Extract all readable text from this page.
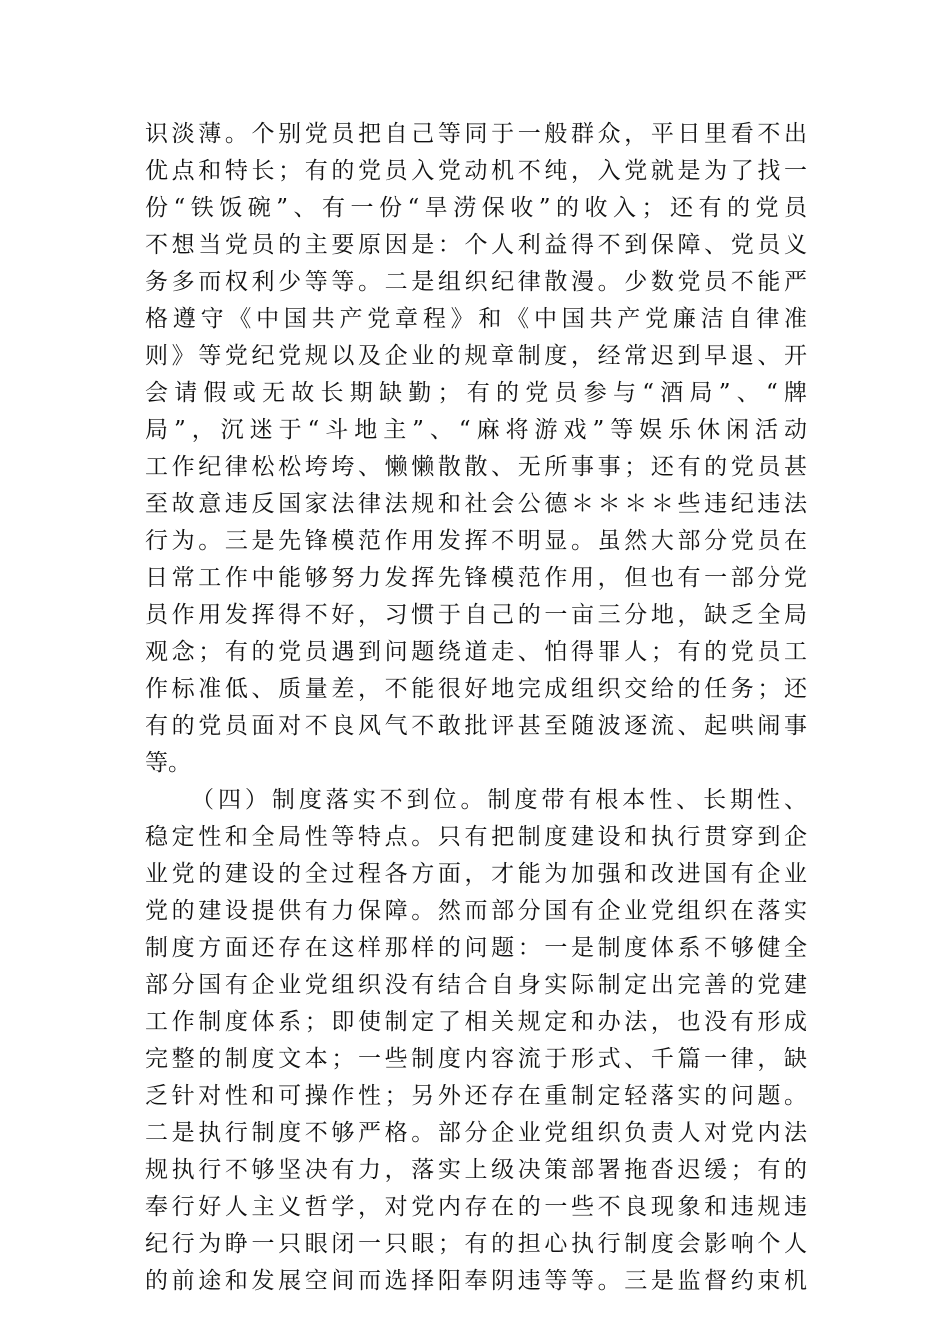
识淡薄。个别党员把自己等同于一般群众，平日里看不出
优点和特长；有的党员入党动机不纯，入党就是为了找一
份“铁饭碗”、有一份“旱涝保收”的收入；还有的党员
不想当党员的主要原因是：个人利益得不到保障、党员义
务多而权利少等等。二是组织纪律散漫。少数党员不能严
格遵守《中国共产党章程》和《中国共产党廉洁自律准
则》等党纪党规以及企业的规章制度，经常迟到早退、开
会请假或无故长期缺勤；有的党员参与“酒局”、“牌
局”，沉迷于“斗地主”、“麻将游戏”等娱乐休闲活动
工作纪律松松垮垮、懒懒散散、无所事事；还有的党员甚
至故意违反国家法律法规和社会公德＊＊＊＊些违纪违法
行为。三是先锋模范作用发挥不明显。虽然大部分党员在
日常工作中能够努力发挥先锋模范作用，但也有一部分党
员作用发挥得不好，习惯于自己的一亩三分地，缺乏全局
观念；有的党员遇到问题绕道走、怕得罪人；有的党员工
作标准低、质量差，不能很好地完成组织交给的任务；还
有的党员面对不良风气不敢批评甚至随波逐流、起哄闹事
等。
（四）制度落实不到位。制度带有根本性、长期性、
稳定性和全局性等特点。只有把制度建设和执行贯穿到企
业党的建设的全过程各方面，才能为加强和改进国有企业
党的建设提供有力保障。然而部分国有企业党组织在落实
制度方面还存在这样那样的问题：一是制度体系不够健全
部分国有企业党组织没有结合自身实际制定出完善的党建
工作制度体系；即使制定了相关规定和办法，也没有形成
完整的制度文本；一些制度内容流于形式、千篇一律，缺
乏针对性和可操作性；另外还存在重制定轻落实的问题。
二是执行制度不够严格。部分企业党组织负责人对党内法
规执行不够坚决有力，落实上级决策部署拖沓迟缓；有的
奉行好人主义哲学，对党内存在的一些不良现象和违规违
纪行为睁一只眼闭一只眼；有的担心执行制度会影响个人
的前途和发展空间而选择阳奉阴违等等。三是监督约束机
